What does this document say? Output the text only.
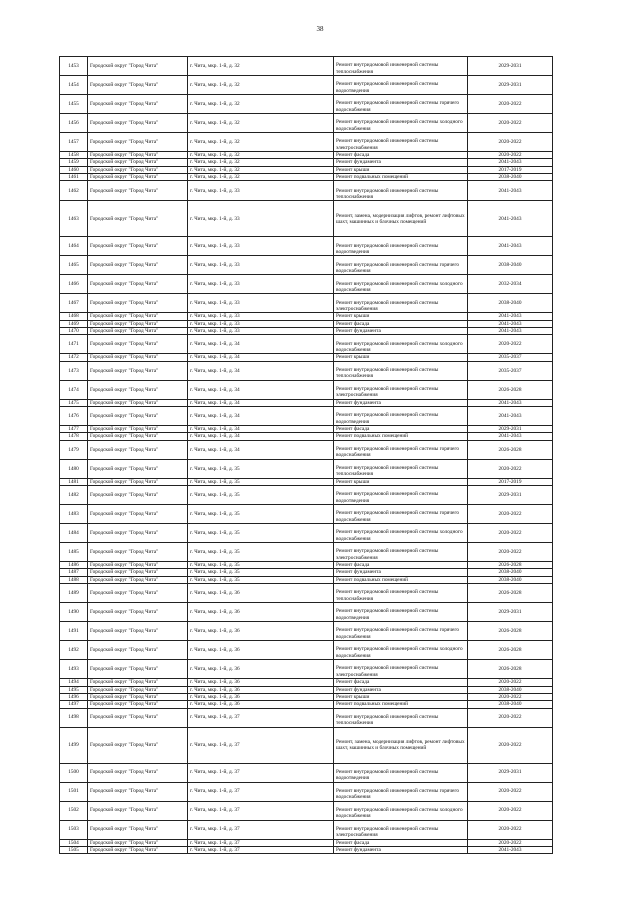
38
1453	Городской округ "Город Чита"	г. Чита, мкр. 1-й, д. 32	Ремонт внутридомовой инженерной системы теплоснабжения	2029-2031
1454	Городской округ "Город Чита"	г. Чита, мкр. 1-й, д. 32	Ремонт внутридомовой инженерной системы водоотведения	2029-2031
1455	Городской округ "Город Чита"	г. Чита, мкр. 1-й, д. 32	Ремонт внутридомовой инженерной системы горячего водоснабжения	2020-2022
1456	Городской округ "Город Чита"	г. Чита, мкр. 1-й, д. 32	Ремонт внутридомовой инженерной системы холодного водоснабжения	2020-2022
1457	Городской округ "Город Чита"	г. Чита, мкр. 1-й, д. 32	Ремонт внутридомовой инженерной системы электроснабжения	2020-2022
1458	Городской округ "Город Чита"	г. Чита, мкр. 1-й, д. 32	Ремонт фасада	2020-2022
1459	Городской округ "Город Чита"	г. Чита, мкр. 1-й, д. 32	Ремонт фундамента	2041-2043
1460	Городской округ "Город Чита"	г. Чита, мкр. 1-й, д. 32	Ремонт крыши	2017-2019
1461	Городской округ "Город Чита"	г. Чита, мкр. 1-й, д. 32	Ремонт подвальных помещений	2038-2040
1462	Городской округ "Город Чита"	г. Чита, мкр. 1-й, д. 33	Ремонт внутридомовой инженерной системы теплоснабжения	2041-2043
1463	Городской округ "Город Чита"	г. Чита, мкр. 1-й, д. 33	Ремонт, замена, модернизация лифтов, ремонт лифтовых шахт, машинных и блочных помещений	2041-2043
1464	Городской округ "Город Чита"	г. Чита, мкр. 1-й, д. 33	Ремонт внутридомовой инженерной системы водоотведения	2041-2043
1465	Городской округ "Город Чита"	г. Чита, мкр. 1-й, д. 33	Ремонт внутридомовой инженерной системы горячего водоснабжения	2038-2040
1466	Городской округ "Город Чита"	г. Чита, мкр. 1-й, д. 33	Ремонт внутридомовой инженерной системы холодного водоснабжения	2032-2034
1467	Городской округ "Город Чита"	г. Чита, мкр. 1-й, д. 33	Ремонт внутридомовой инженерной системы электроснабжения	2038-2040
1468	Городской округ "Город Чита"	г. Чита, мкр. 1-й, д. 33	Ремонт крыши	2041-2043
1469	Городской округ "Город Чита"	г. Чита, мкр. 1-й, д. 33	Ремонт фасада	2041-2043
1470	Городской округ "Город Чита"	г. Чита, мкр. 1-й, д. 33	Ремонт фундамента	2041-2043
1471	Городской округ "Город Чита"	г. Чита, мкр. 1-й, д. 34	Ремонт внутридомовой инженерной системы холодного водоснабжения	2020-2022
1472	Городской округ "Город Чита"	г. Чита, мкр. 1-й, д. 34	Ремонт крыши	2035-2037
1473	Городской округ "Город Чита"	г. Чита, мкр. 1-й, д. 34	Ремонт внутридомовой инженерной системы теплоснабжения	2035-2037
1474	Городской округ "Город Чита"	г. Чита, мкр. 1-й, д. 34	Ремонт внутридомовой инженерной системы электроснабжения	2026-2028
1475	Городской округ "Город Чита"	г. Чита, мкр. 1-й, д. 34	Ремонт фундамента	2041-2043
1476	Городской округ "Город Чита"	г. Чита, мкр. 1-й, д. 34	Ремонт внутридомовой инженерной системы водоотведения	2041-2043
1477	Городской округ "Город Чита"	г. Чита, мкр. 1-й, д. 34	Ремонт фасада	2029-2031
1478	Городской округ "Город Чита"	г. Чита, мкр. 1-й, д. 34	Ремонт подвальных помещений	2041-2043
1479	Городской округ "Город Чита"	г. Чита, мкр. 1-й, д. 34	Ремонт внутридомовой инженерной системы горячего водоснабжения	2026-2028
1480	Городской округ "Город Чита"	г. Чита, мкр. 1-й, д. 35	Ремонт внутридомовой инженерной системы теплоснабжения	2020-2022
1481	Городской округ "Город Чита"	г. Чита, мкр. 1-й, д. 35	Ремонт крыши	2017-2019
1482	Городской округ "Город Чита"	г. Чита, мкр. 1-й, д. 35	Ремонт внутридомовой инженерной системы водоотведения	2029-2031
1483	Городской округ "Город Чита"	г. Чита, мкр. 1-й, д. 35	Ремонт внутридомовой инженерной системы горячего водоснабжения	2020-2022
1484	Городской округ "Город Чита"	г. Чита, мкр. 1-й, д. 35	Ремонт внутридомовой инженерной системы холодного водоснабжения	2020-2022
1485	Городской округ "Город Чита"	г. Чита, мкр. 1-й, д. 35	Ремонт внутридомовой инженерной системы электроснабжения	2020-2022
1486	Городской округ "Город Чита"	г. Чита, мкр. 1-й, д. 35	Ремонт фасада	2026-2028
1487	Городской округ "Город Чита"	г. Чита, мкр. 1-й, д. 35	Ремонт фундамента	2038-2040
1488	Городской округ "Город Чита"	г. Чита, мкр. 1-й, д. 35	Ремонт подвальных помещений	2038-2040
1489	Городской округ "Город Чита"	г. Чита, мкр. 1-й, д. 36	Ремонт внутридомовой инженерной системы теплоснабжения	2026-2028
1490	Городской округ "Город Чита"	г. Чита, мкр. 1-й, д. 36	Ремонт внутридомовой инженерной системы водоотведения	2029-2031
1491	Городской округ "Город Чита"	г. Чита, мкр. 1-й, д. 36	Ремонт внутридомовой инженерной системы горячего водоснабжения	2026-2028
1492	Городской округ "Город Чита"	г. Чита, мкр. 1-й, д. 36	Ремонт внутридомовой инженерной системы холодного водоснабжения	2026-2028
1493	Городской округ "Город Чита"	г. Чита, мкр. 1-й, д. 36	Ремонт внутридомовой инженерной системы электроснабжения	2026-2028
1494	Городской округ "Город Чита"	г. Чита, мкр. 1-й, д. 36	Ремонт фасада	2020-2022
1495	Городской округ "Город Чита"	г. Чита, мкр. 1-й, д. 36	Ремонт фундамента	2038-2040
1496	Городской округ "Город Чита"	г. Чита, мкр. 1-й, д. 36	Ремонт крыши	2020-2022
1497	Городской округ "Город Чита"	г. Чита, мкр. 1-й, д. 36	Ремонт подвальных помещений	2038-2040
1498	Городской округ "Город Чита"	г. Чита, мкр. 1-й, д. 37	Ремонт внутридомовой инженерной системы теплоснабжения	2020-2022
1499	Городской округ "Город Чита"	г. Чита, мкр. 1-й, д. 37	Ремонт, замена, модернизация лифтов, ремонт лифтовых шахт, машинных и блочных помещений	2020-2022
1500	Городской округ "Город Чита"	г. Чита, мкр. 1-й, д. 37	Ремонт внутридомовой инженерной системы водоотведения	2029-2031
1501	Городской округ "Город Чита"	г. Чита, мкр. 1-й, д. 37	Ремонт внутридомовой инженерной системы горячего водоснабжения	2020-2022
1502	Городской округ "Город Чита"	г. Чита, мкр. 1-й, д. 37	Ремонт внутридомовой инженерной системы холодного водоснабжения	2020-2022
1503	Городской округ "Город Чита"	г. Чита, мкр. 1-й, д. 37	Ремонт внутридомовой инженерной системы электроснабжения	2020-2022
1504	Городской округ "Город Чита"	г. Чита, мкр. 1-й, д. 37	Ремонт фасада	2020-2022
1505	Городской округ "Город Чита"	г. Чита, мкр. 1-й, д. 37	Ремонт фундамента	2041-2043
